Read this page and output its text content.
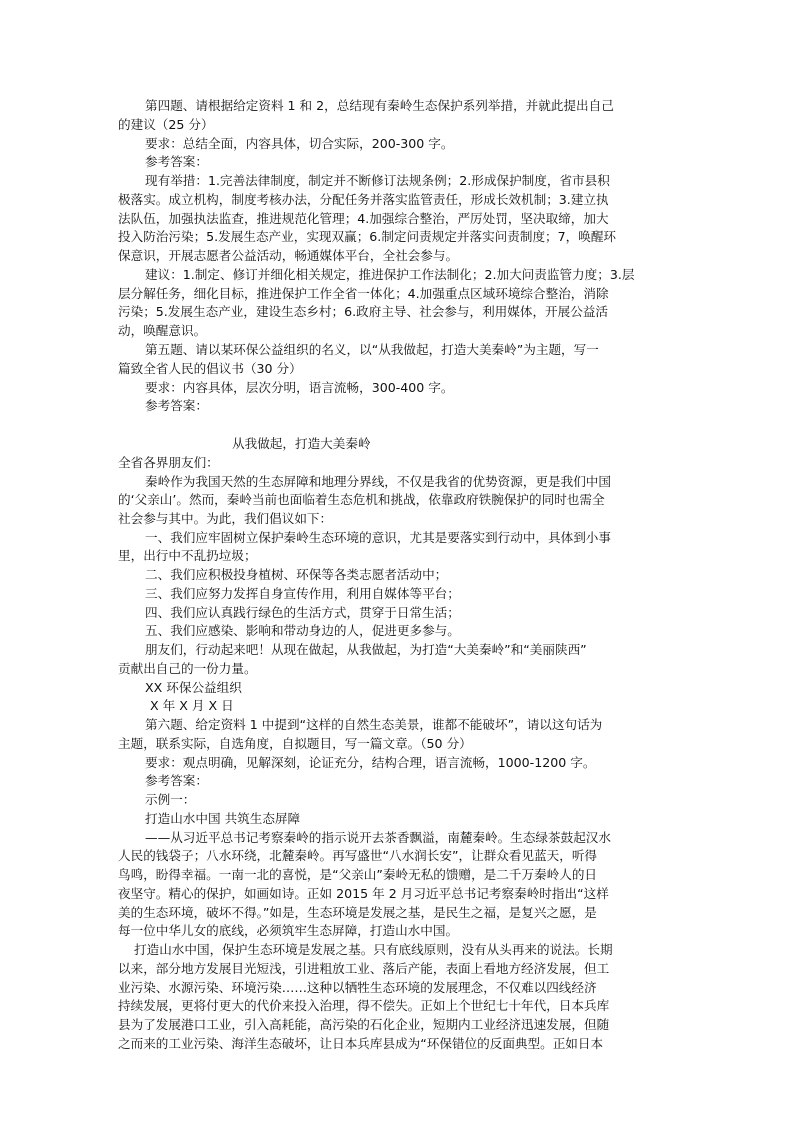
第四题、请根据给定资料 1 和 2，总结现有秦岭生态保护系列举措，并就此提出自己
的建议（25 分）
要求：总结全面，内容具体，切合实际，200-300 字。
参考答案：
现有举措：1.完善法律制度，制定并不断修订法规条例；2.形成保护制度，省市县积
极落实。成立机构，制度考核办法，分配任务并落实监管责任，形成长效机制；3.建立执
法队伍，加强执法监查，推进规范化管理；4.加强综合整治，严厉处罚，坚决取缔，加大
投入防治污染；5.发展生态产业，实现双赢；6.制定问责规定并落实问责制度；7，唤醒环
保意识，开展志愿者公益活动，畅通媒体平台，全社会参与。
建议：1.制定、修订并细化相关规定，推进保护工作法制化；2.加大问责监管力度；3.层
层分解任务，细化目标，推进保护工作全省一体化；4.加强重点区域环境综合整治，消除
污染；5.发展生态产业，建设生态乡村；6.政府主导、社会参与，利用媒体，开展公益活
动，唤醒意识。
第五题、请以某环保公益组织的名义，以“从我做起，打造大美秦岭”为主题，写一
篇致全省人民的倡议书（30 分）
要求：内容具体，层次分明，语言流畅，300-400 字。
参考答案：
从我做起，打造大美秦岭
全省各界朋友们：
秦岭作为我国天然的生态屏障和地理分界线，不仅是我省的优势资源，更是我们中国
的‘父亲山’。然而，秦岭当前也面临着生态危机和挑战，依靠政府铁腕保护的同时也需全
社会参与其中。为此，我们倡议如下：
一、我们应牢固树立保护秦岭生态环境的意识，尤其是要落实到行动中，具体到小事
里，出行中不乱扔垃圾；
二、我们应积极投身植树、环保等各类志愿者活动中；
三、我们应努力发挥自身宣传作用，利用自媒体等平台；
四、我们应认真践行绿色的生活方式，贯穿于日常生活；
五、我们应感染、影响和带动身边的人，促进更多参与。
朋友们，行动起来吧！从现在做起，从我做起，为打造“大美秦岭”和“美丽陕西”
贡献出自己的一份力量。
XX 环保公益组织
X 年 X 月 X 日
第六题、给定资料 1 中提到“这样的自然生态美景，谁都不能破坏”，请以这句话为
主题，联系实际，自选角度，自拟题目，写一篇文章。（50 分）
要求：观点明确，见解深刻，论证充分，结构合理，语言流畅，1000-1200 字。
参考答案：
示例一：
打造山水中国 共筑生态屏障
——从习近平总书记考察秦岭的指示说开去茶香飘溢，南麓秦岭。生态绿茶鼓起汉水
人民的钱袋子；八水环绕，北麓秦岭。再写盛世“八水润长安”，让群众看见蓝天，听得
鸟鸣，盼得幸福。一南一北的喜悦，是“父亲山”秦岭无私的馈赠，是二千万秦岭人的日
夜坚守。精心的保护，如画如诗。正如 2015 年 2 月习近平总书记考察秦岭时指出“这样
美的生态环境，破坏不得。”如是，生态环境是发展之基，是民生之福，是复兴之愿，是
每一位中华儿女的底线，必须筑牢生态屏障，打造山水中国。
打造山水中国，保护生态环境是发展之基。只有底线原则，没有从头再来的说法。长期
以来，部分地方发展目光短浅，引进粗放工业、落后产能，表面上看地方经济发展，但工
业污染、水源污染、环境污染……这种以牺牲生态环境的发展理念，不仅难以四线经济
持续发展，更将付更大的代价来投入治理，得不偿失。正如上个世纪七十年代，日本兵库
县为了发展港口工业，引入高耗能，高污染的石化企业，短期内工业经济迅速发展，但随
之而来的工业污染、海洋生态破坏，让日本兵库县成为“环保错位的反面典型。正如日本
